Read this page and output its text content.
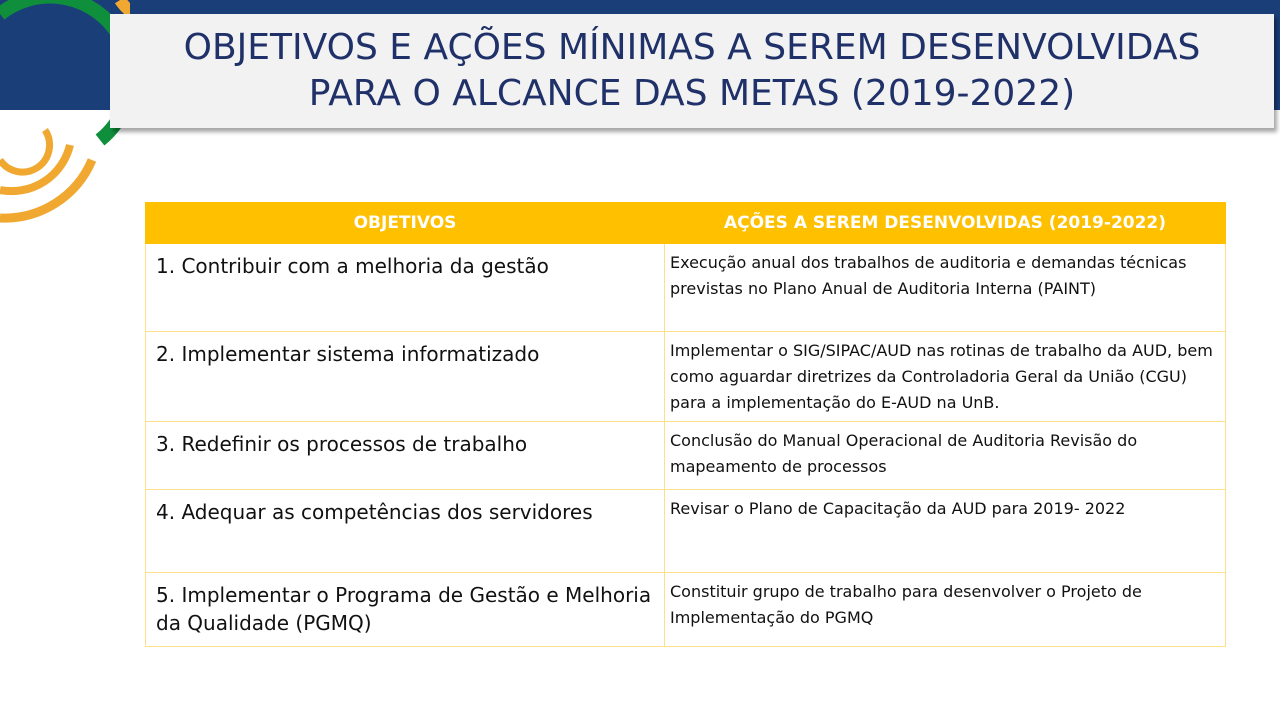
OBJETIVOS E AÇÕES MÍNIMAS A SEREM DESENVOLVIDAS
PARA O ALCANCE DAS METAS (2019-2022)
OBJETIVOS	AÇÕES A SEREM DESENVOLVIDAS (2019-2022)

1. Contribuir com a melhoria da gestão	Execução anual dos trabalhos de auditoria e demandas técnicas previstas no Plano Anual de Auditoria Interna (PAINT)

2. Implementar sistema informatizado	Implementar o SIG/SIPAC/AUD nas rotinas de trabalho da AUD, bem como aguardar diretrizes da Controladoria Geral da União (CGU) para a implementação do E-AUD na UnB.

3. Redefinir os processos de trabalho	Conclusão do Manual Operacional de Auditoria Revisão do mapeamento de processos

4. Adequar as competências dos servidores	Revisar o Plano de Capacitação da AUD para 2019- 2022

5. Implementar o Programa de Gestão e Melhoria da Qualidade (PGMQ)	Constituir grupo de trabalho para desenvolver o Projeto de Implementação do PGMQ
